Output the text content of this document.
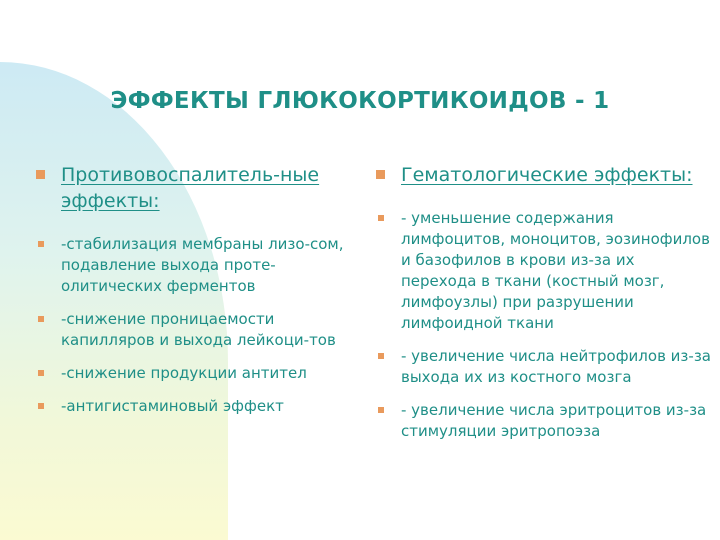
ЭФФЕКТЫ ГЛЮКОКОРТИКОИДОВ - 1
Противовоспалитель-ные эффекты:
-стабилизация мембраны лизо-сом, подавление выхода проте-олитических ферментов
-снижение проницаемости капилляров и выхода лейкоци-тов
-снижение продукции антител
-антигистаминовый эффект
Гематологические эффекты:
- уменьшение содержания лимфоцитов, моноцитов, эозинофилов и базофилов в крови из-за их перехода в ткани (костный мозг, лимфоузлы) при разрушении лимфоидной ткани
- увеличение числа нейтрофилов из-за выхода их из костного мозга
- увеличение числа эритроцитов из-за стимуляции эритропоэза
